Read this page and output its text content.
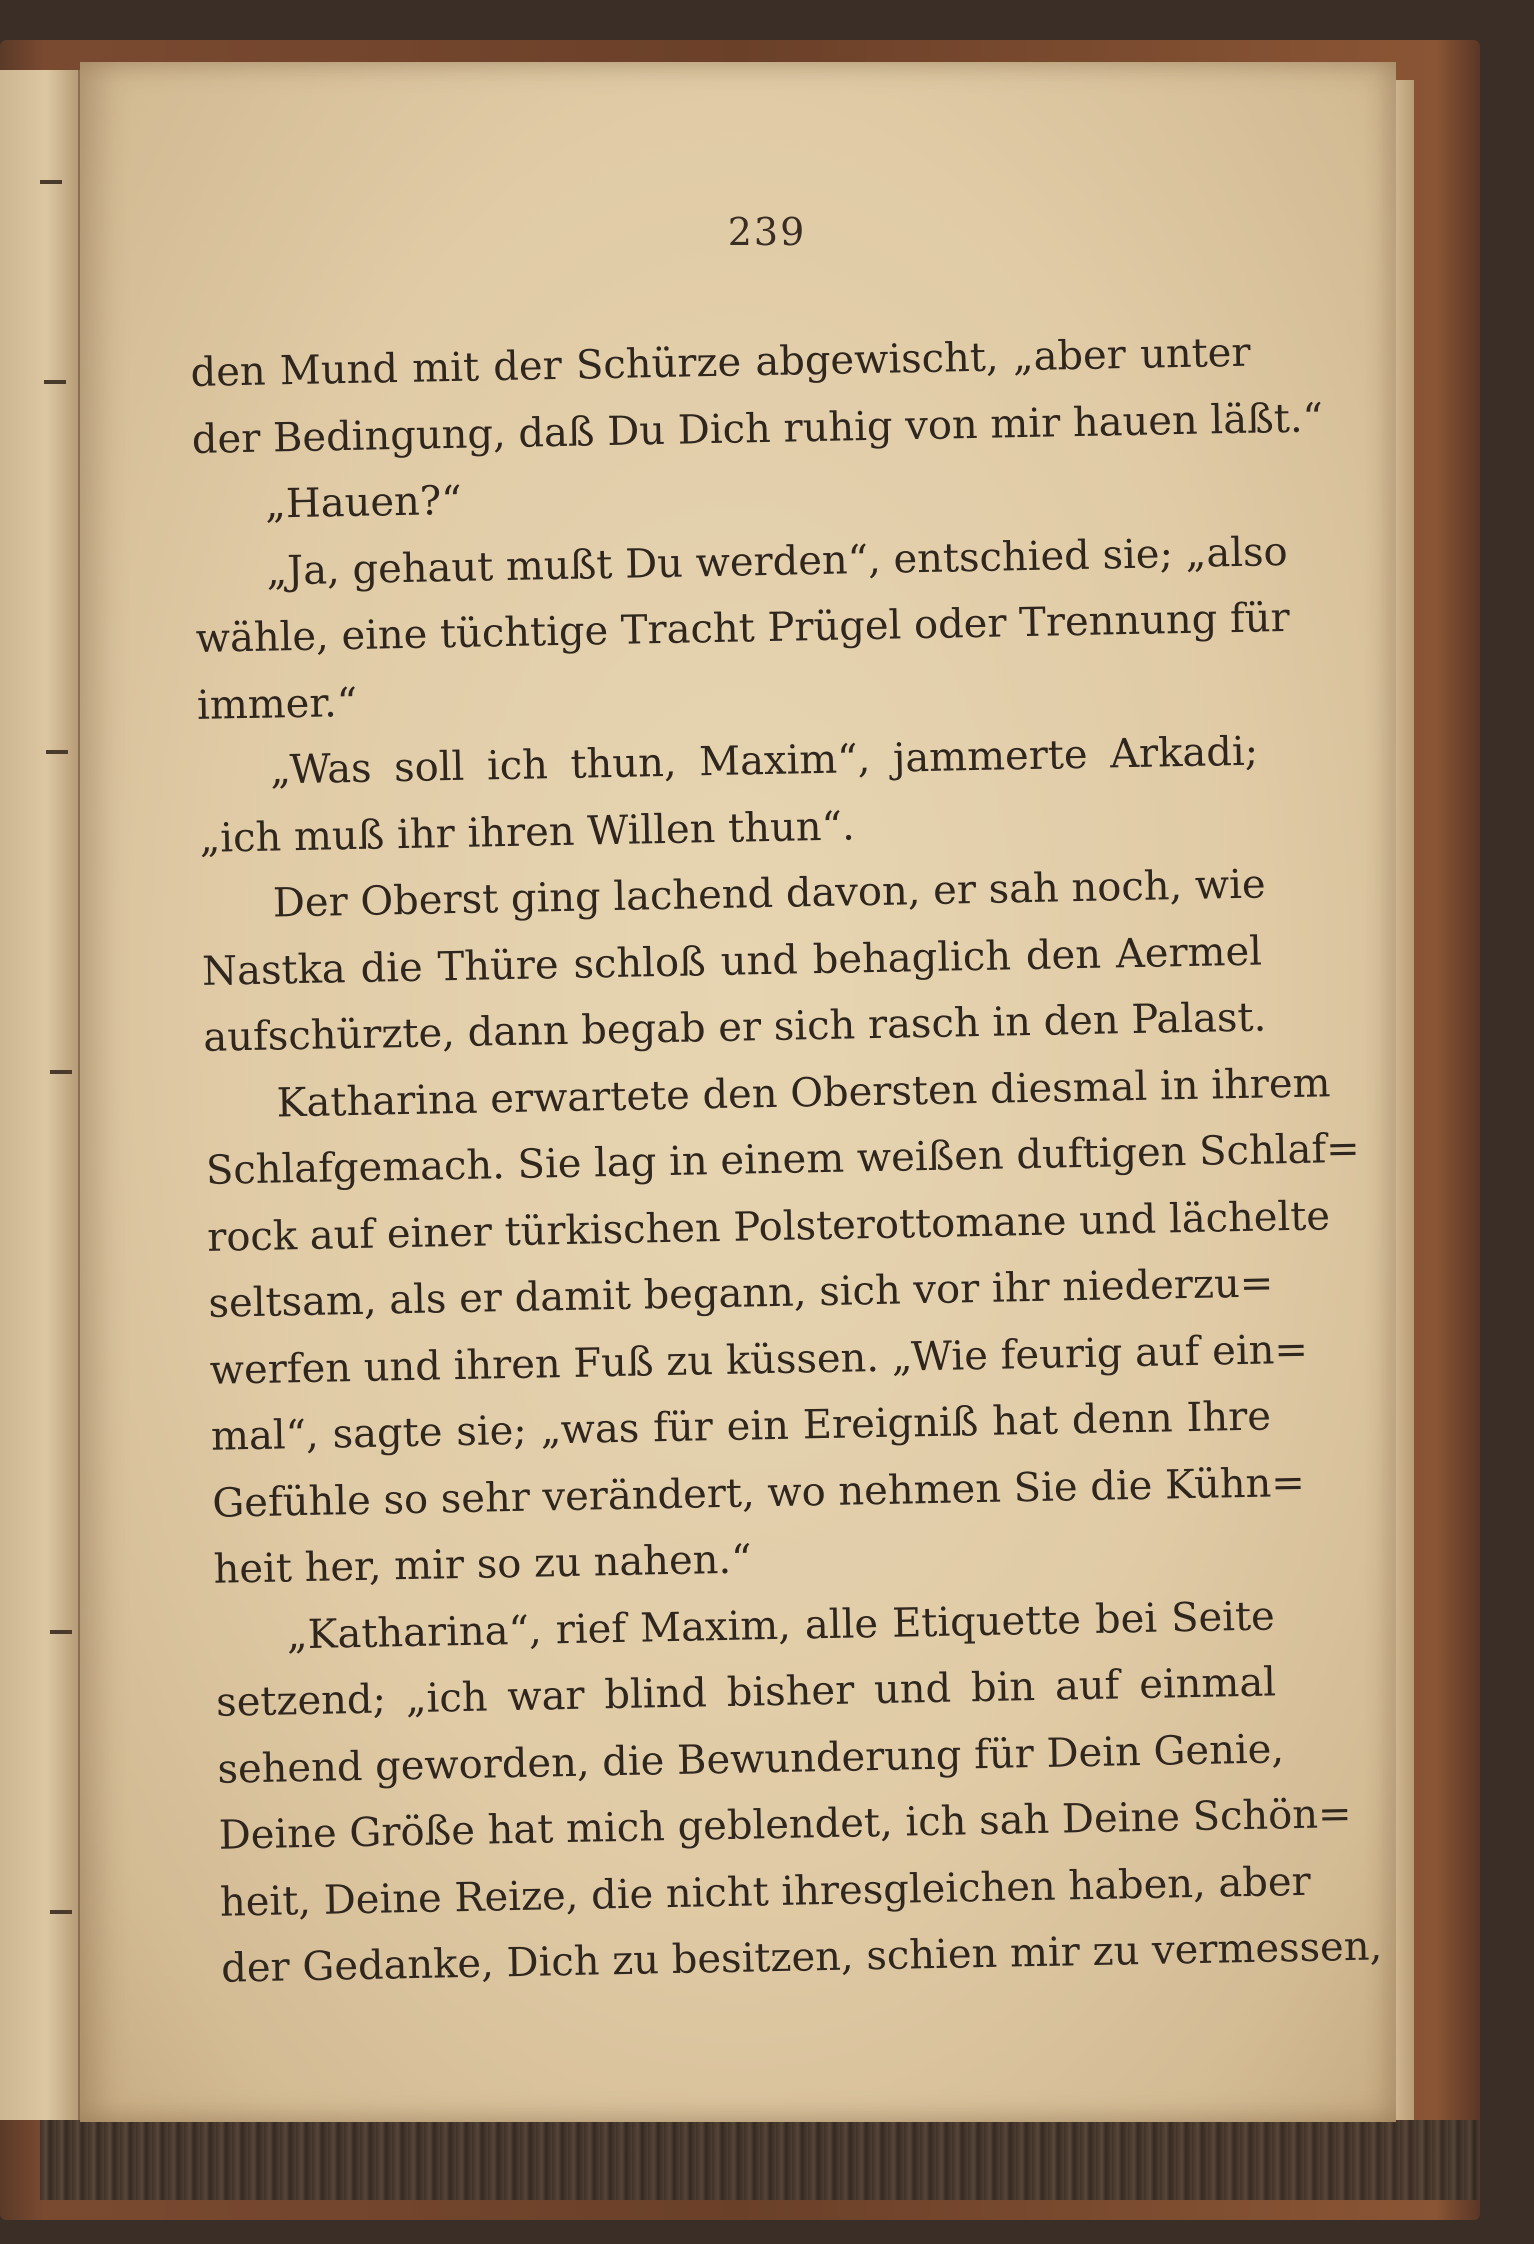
239
den Mund mit der Schürze abgewischt, „aber unter
der Bedingung, daß Du Dich ruhig von mir hauen läßt.“
„Hauen?“
„Ja, gehaut mußt Du werden“, entschied sie; „also
wähle, eine tüchtige Tracht Prügel oder Trennung für
immer.“
„Was soll ich thun, Maxim“, jammerte Arkadi;
„ich muß ihr ihren Willen thun“.
Der Oberst ging lachend davon, er sah noch, wie
Nastka die Thüre schloß und behaglich den Aermel
aufschürzte, dann begab er sich rasch in den Palast.
Katharina erwartete den Obersten diesmal in ihrem
Schlafgemach. Sie lag in einem weißen duftigen Schlaf=
rock auf einer türkischen Polsterottomane und lächelte
seltsam, als er damit begann, sich vor ihr niederzu=
werfen und ihren Fuß zu küssen. „Wie feurig auf ein=
mal“, sagte sie; „was für ein Ereigniß hat denn Ihre
Gefühle so sehr verändert, wo nehmen Sie die Kühn=
heit her, mir so zu nahen.“
„Katharina“, rief Maxim, alle Etiquette bei Seite
setzend; „ich war blind bisher und bin auf einmal
sehend geworden, die Bewunderung für Dein Genie,
Deine Größe hat mich geblendet, ich sah Deine Schön=
heit, Deine Reize, die nicht ihresgleichen haben, aber
der Gedanke, Dich zu besitzen, schien mir zu vermessen,
